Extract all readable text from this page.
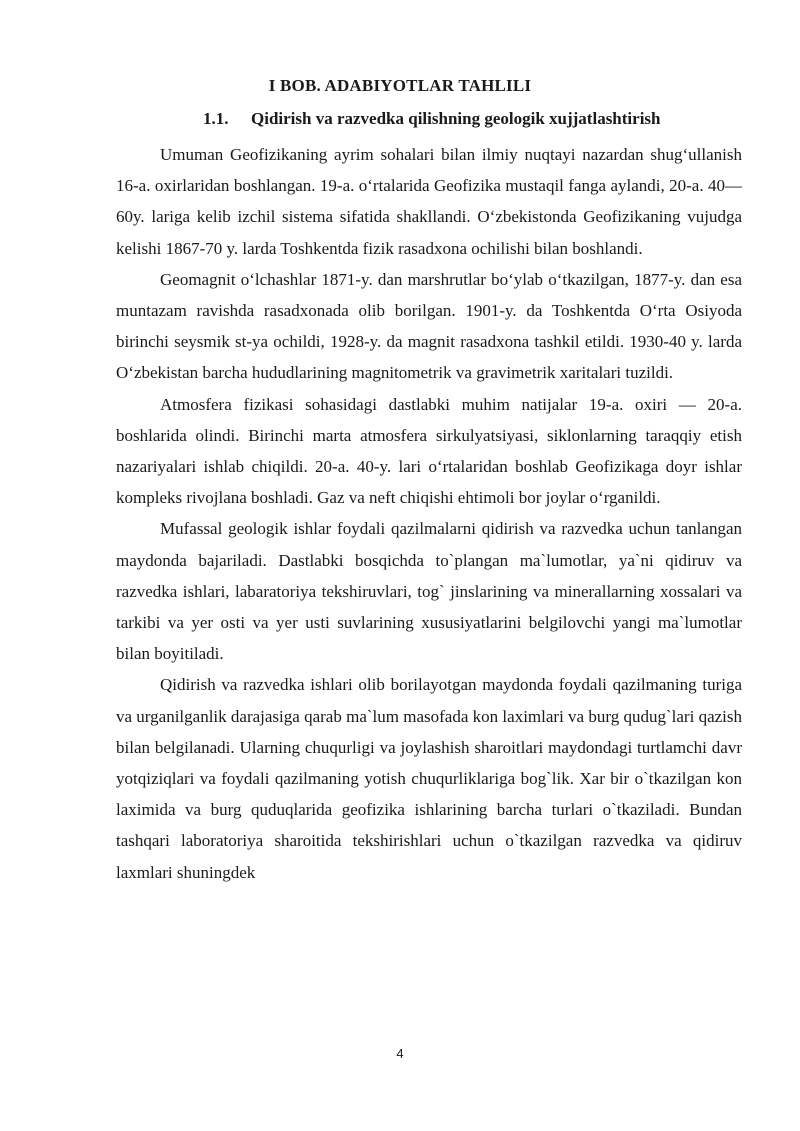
I BOB. ADABIYOTLAR TAHLILI
1.1. Qidirish va razvedka qilishning geologik xujjatlashtirish

Umuman Geofizikaning ayrim sohalari bilan ilmiy nuqtayi nazardan shug‘ullanish 16-a. oxirlaridan boshlangan. 19-a. o‘rtalarida Geofizika mustaqil fanga aylandi, 20-a. 40—60y. lariga kelib izchil sistema sifatida shakllandi. O‘zbekistonda Geofizikaning vujudga kelishi 1867-70 y. larda Toshkentda fizik rasadxona ochilishi bilan boshlandi.

Geomagnit o‘lchashlar 1871-y. dan marshrutlar bo‘ylab o‘tkazilgan, 1877-y. dan esa muntazam ravishda rasadxonada olib borilgan. 1901-y. da Toshkentda O‘rta Osiyoda birinchi seysmik st-ya ochildi, 1928-y. da magnit rasadxona tashkil etildi. 1930-40 y. larda O‘zbekistan barcha hududlarining magnitometrik va gravimetrik xaritalari tuzildi.

Atmosfera fizikasi sohasidagi dastlabki muhim natijalar 19-a. oxiri — 20-a. boshlarida olindi. Birinchi marta atmosfera sirkulyatsiyasi, siklonlarning taraqqiy etish nazariyalari ishlab chiqildi. 20-a. 40-y. lari o‘rtalaridan boshlab Geofizikaga doyr ishlar kompleks rivojlana boshladi. Gaz va neft chiqishi ehtimoli bor joylar o‘rganildi.

Mufassal geologik ishlar foydali qazilmalarni qidirish va razvedka uchun tanlangan maydonda bajariladi. Dastlabki bosqichda to`plangan ma`lumotlar, ya`ni qidiruv va razvedka ishlari, labaratoriya tekshiruvlari, tog` jinslarining va minerallarning xossalari va tarkibi va yer osti va yer usti suvlarining xususiyatlarini belgilovchi yangi ma`lumotlar bilan boyitiladi.

Qidirish va razvedka ishlari olib borilayotgan maydonda foydali qazilmaning turiga va urganilganlik darajasiga qarab ma`lum masofada kon laximlari va burg qudug`lari qazish bilan belgilanadi. Ularning chuqurligi va joylashish sharoitlari maydondagi turtlamchi davr yotqiziqlari va foydali qazilmaning yotish chuqurliklariga bog`lik. Xar bir o`tkazilgan kon laximida va burg quduqlarida geofizika ishlarining barcha turlari o`tkaziladi. Bundan tashqari laboratoriya sharoitida tekshirishlari uchun o`tkazilgan razvedka va qidiruv laxmlari shuningdek

4
